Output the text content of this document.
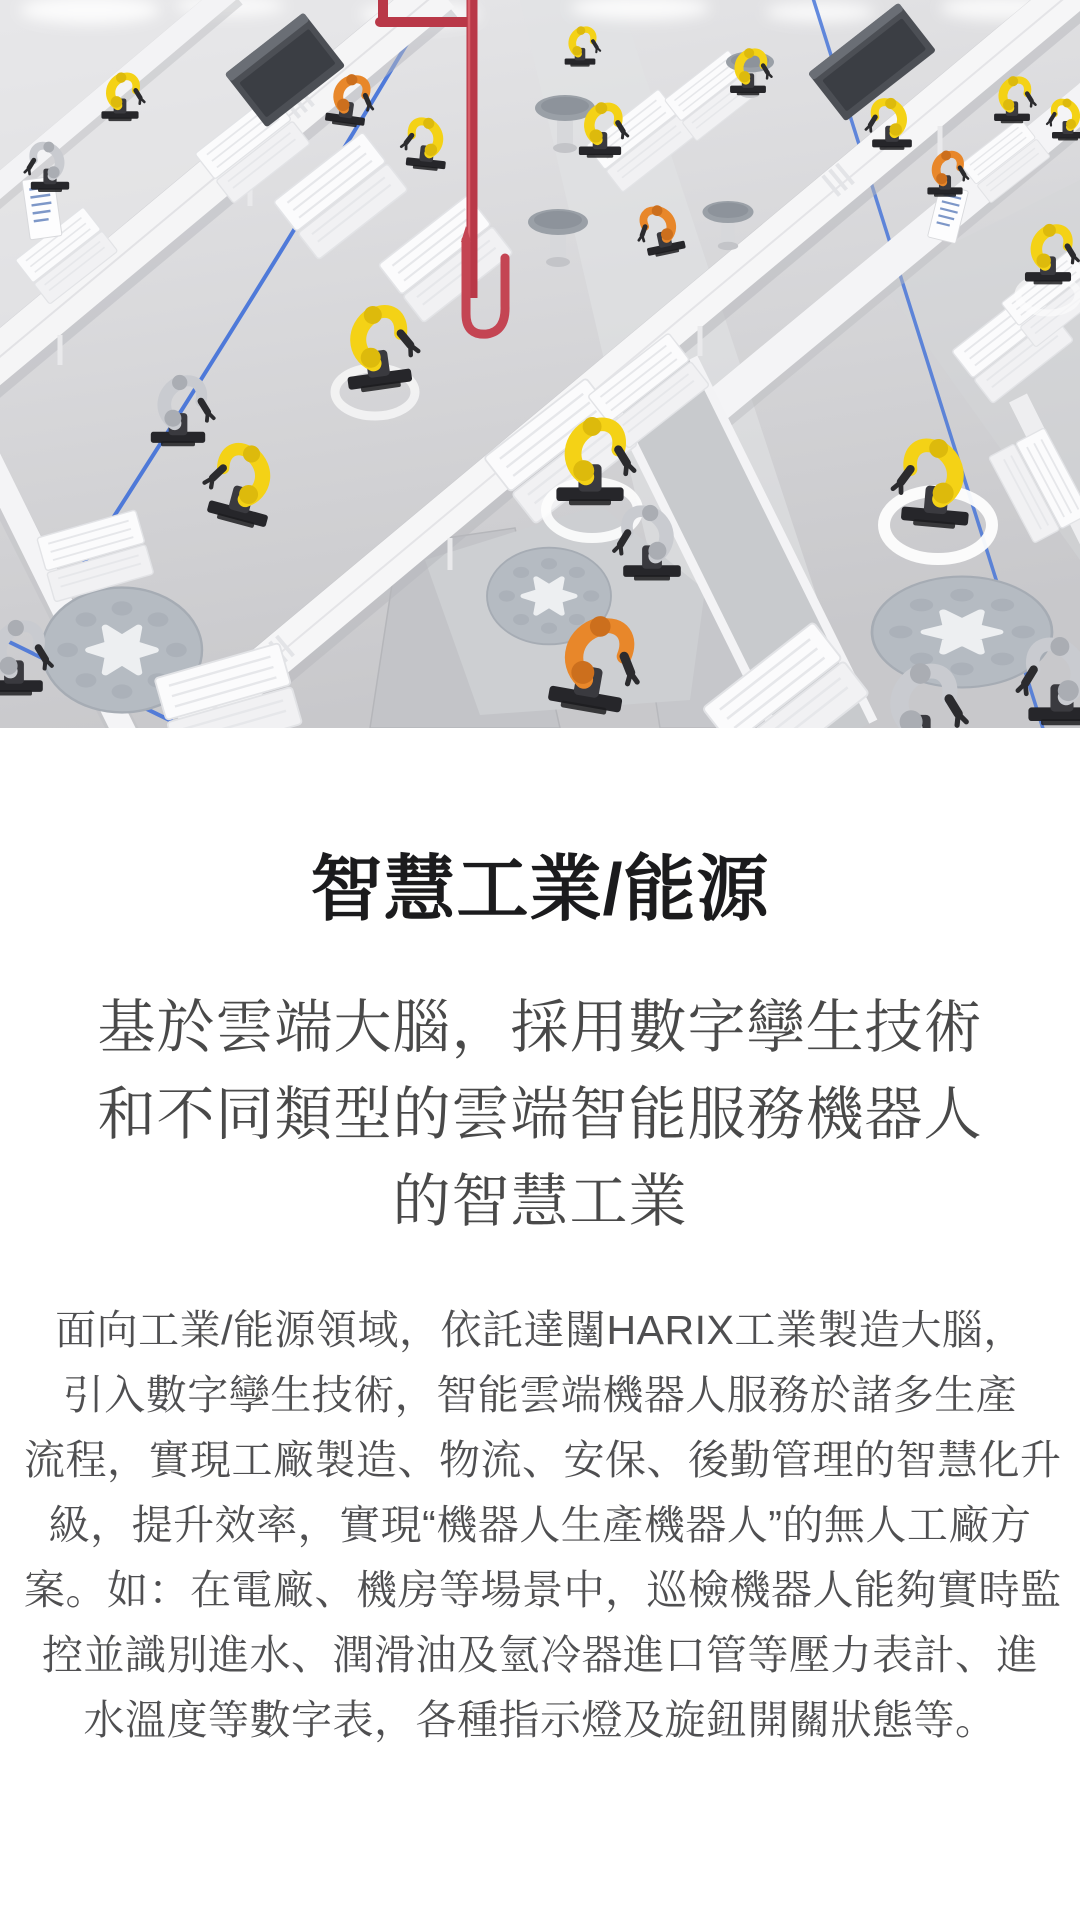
智慧工業/能源
基於雲端大腦，採用數字孿生技術
和不同類型的雲端智能服務機器人
的智慧工業
面向工業/能源領域，依託達闥HARIX工業製造大腦，
引入數字孿生技術，智能雲端機器人服務於諸多生產
流程，實現工廠製造、物流、安保、後勤管理的智慧化升
級，提升效率，實現“機器人生產機器人”的無人工廠方
案。如：在電廠、機房等場景中，巡檢機器人能夠實時監
控並識別進水、潤滑油及氫冷器進口管等壓力表計、進
水溫度等數字表，各種指示燈及旋鈕開關狀態等。
